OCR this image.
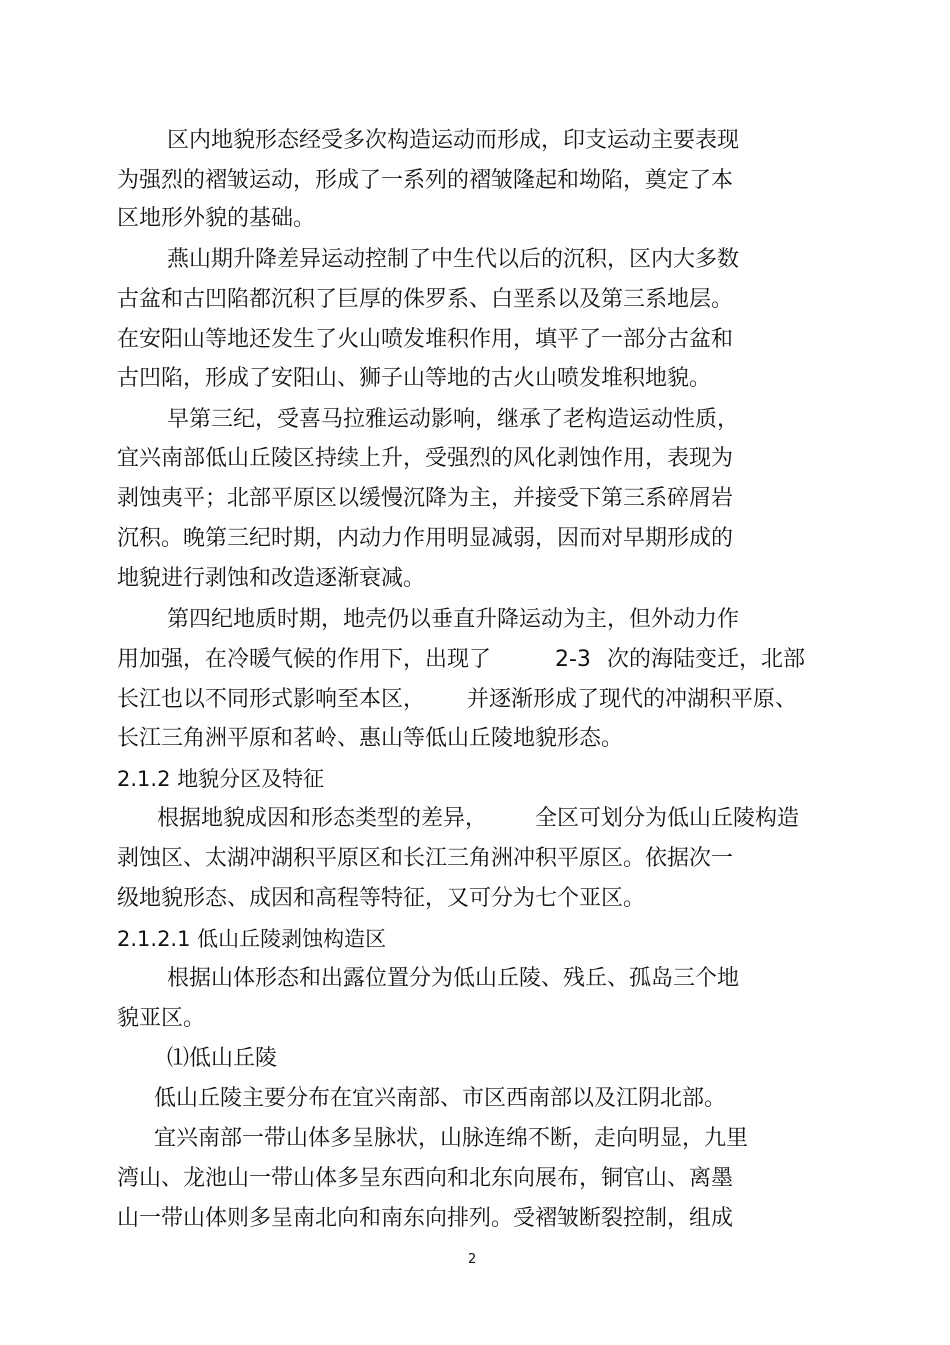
区内地貌形态经受多次构造运动而形成，印支运动主要表现
为强烈的褶皱运动，形成了一系列的褶皱隆起和坳陷，奠定了本
区地形外貌的基础。
燕山期升降差异运动控制了中生代以后的沉积，区内大多数
古盆和古凹陷都沉积了巨厚的侏罗系、白垩系以及第三系地层。
在安阳山等地还发生了火山喷发堆积作用，填平了一部分古盆和
古凹陷，形成了安阳山、狮子山等地的古火山喷发堆积地貌。
早第三纪，受喜马拉雅运动影响，继承了老构造运动性质，
宜兴南部低山丘陵区持续上升，受强烈的风化剥蚀作用，表现为
剥蚀夷平；北部平原区以缓慢沉降为主，并接受下第三系碎屑岩
沉积。晚第三纪时期，内动力作用明显减弱，因而对早期形成的
地貌进行剥蚀和改造逐渐衰减。
第四纪地质时期，地壳仍以垂直升降运动为主，但外动力作
用加强，在冷暖气候的作用下，出现了	2-3 次的海陆变迁，北部
长江也以不同形式影响至本区， 并逐渐形成了现代的冲湖积平原、
长江三角洲平原和茗岭、惠山等低山丘陵地貌形态。
2.1.2 地貌分区及特征
根据地貌成因和形态类型的差异， 全区可划分为低山丘陵构造
剥蚀区、太湖冲湖积平原区和长江三角洲冲积平原区。依据次一
级地貌形态、成因和高程等特征，又可分为七个亚区。
2.1.2.1 低山丘陵剥蚀构造区
根据山体形态和出露位置分为低山丘陵、残丘、孤岛三个地
貌亚区。
⑴低山丘陵
低山丘陵主要分布在宜兴南部、市区西南部以及江阴北部。
宜兴南部一带山体多呈脉状，山脉连绵不断，走向明显，九里
湾山、龙池山一带山体多呈东西向和北东向展布，铜官山、离墨
山一带山体则多呈南北向和南东向排列。受褶皱断裂控制，组成
2
